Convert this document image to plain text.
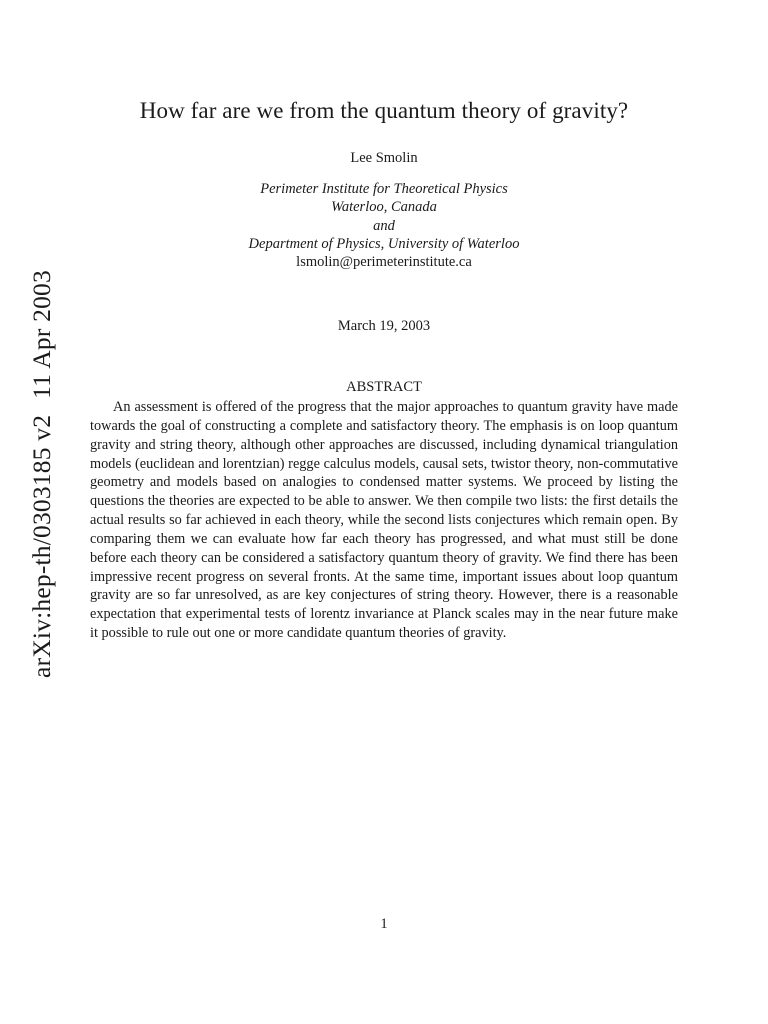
arXiv:hep-th/0303185 v211 Apr 2003
How far are we from the quantum theory of gravity?
Lee Smolin
Perimeter Institute for Theoretical Physics
Waterloo, Canada
and
Department of Physics, University of Waterloo
lsmolin@perimeterinstitute.ca
March 19, 2003
ABSTRACT
An assessment is offered of the progress that the major approaches to quantum gravity have made towards the goal of constructing a complete and satisfactory theory. The emphasis is on loop quantum gravity and string theory, although other approaches are discussed, including dynamical triangulation models (euclidean and lorentzian) regge calculus models, causal sets, twistor theory, non-commutative geometry and models based on analogies to condensed matter systems. We proceed by listing the questions the theories are expected to be able to answer. We then compile two lists: the first details the actual results so far achieved in each theory, while the second lists conjectures which remain open. By comparing them we can evaluate how far each theory has progressed, and what must still be done before each theory can be considered a satisfactory quantum theory of gravity. We find there has been impressive recent progress on several fronts. At the same time, important issues about loop quantum gravity are so far unresolved, as are key conjectures of string theory. However, there is a reasonable expectation that experimental tests of lorentz invariance at Planck scales may in the near future make it possible to rule out one or more candidate quantum theories of gravity.
1
